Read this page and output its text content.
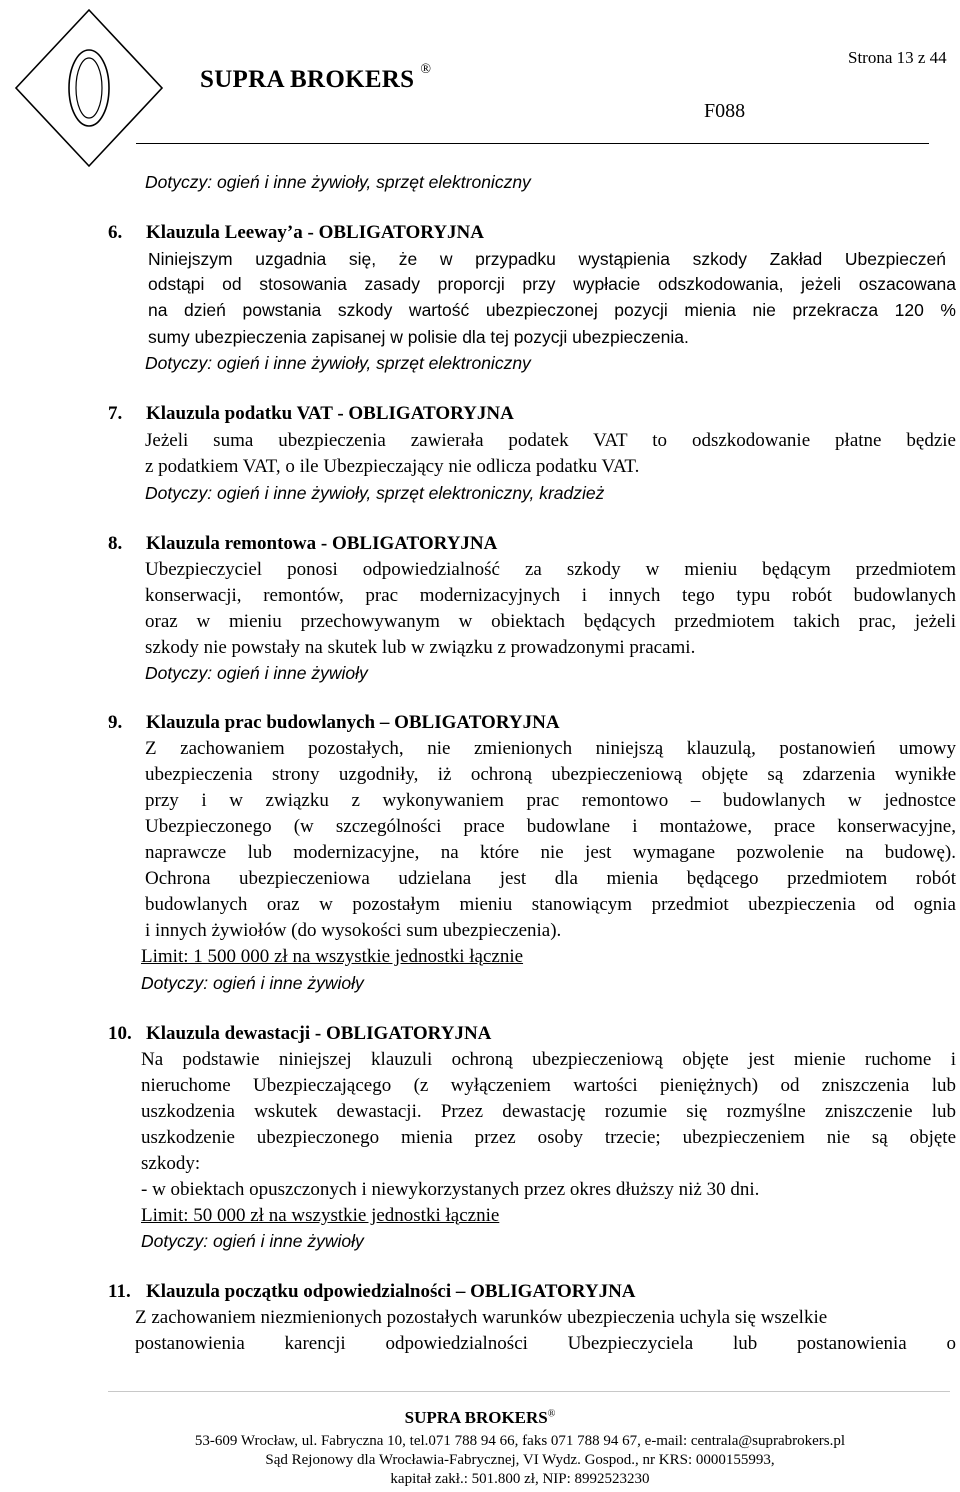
SUPRA BROKERS ®
Strona 13 z 44
F088
Dotyczy: ogień i inne żywioły, sprzęt elektroniczny
6. Klauzula Leeway’a - OBLIGATORYJNA
Niniejszym uzgadnia się, że w przypadku wystąpienia szkody Zakład Ubezpieczeń
odstąpi od stosowania zasady proporcji przy wypłacie odszkodowania, jeżeli oszacowana
na dzień powstania szkody wartość ubezpieczonej pozycji mienia nie przekracza 120 %
sumy ubezpieczenia zapisanej w polisie dla tej pozycji ubezpieczenia.
Dotyczy: ogień i inne żywioły, sprzęt elektroniczny
7. Klauzula podatku VAT - OBLIGATORYJNA
Jeżeli suma ubezpieczenia zawierała podatek VAT to odszkodowanie płatne będzie
z podatkiem VAT, o ile Ubezpieczający nie odlicza podatku VAT.
Dotyczy: ogień i inne żywioły, sprzęt elektroniczny, kradzież
8. Klauzula remontowa - OBLIGATORYJNA
Ubezpieczyciel ponosi odpowiedzialność za szkody w mieniu będącym przedmiotem
konserwacji, remontów, prac modernizacyjnych i innych tego typu robót budowlanych
oraz w mieniu przechowywanym w obiektach będących przedmiotem takich prac, jeżeli
szkody nie powstały na skutek lub w związku z prowadzonymi pracami.
Dotyczy: ogień i inne żywioły
9. Klauzula prac budowlanych – OBLIGATORYJNA
Z zachowaniem pozostałych, nie zmienionych niniejszą klauzulą, postanowień umowy
ubezpieczenia strony uzgodniły, iż ochroną ubezpieczeniową objęte są zdarzenia wynikłe
przy i w związku z wykonywaniem prac remontowo – budowlanych w jednostce
Ubezpieczonego (w szczególności prace budowlane i montażowe, prace konserwacyjne,
naprawcze lub modernizacyjne, na które nie jest wymagane pozwolenie na budowę).
Ochrona ubezpieczeniowa udzielana jest dla mienia będącego przedmiotem robót
budowlanych oraz w pozostałym mieniu stanowiącym przedmiot ubezpieczenia od ognia
i innych żywiołów (do wysokości sum ubezpieczenia).
Limit: 1 500 000 zł na wszystkie jednostki łącznie
Dotyczy: ogień i inne żywioły
10. Klauzula dewastacji - OBLIGATORYJNA
Na podstawie niniejszej klauzuli ochroną ubezpieczeniową objęte jest mienie ruchome i
nieruchome Ubezpieczającego (z wyłączeniem wartości pieniężnych) od zniszczenia lub
uszkodzenia wskutek dewastacji. Przez dewastację rozumie się rozmyślne zniszczenie lub
uszkodzenie ubezpieczonego mienia przez osoby trzecie; ubezpieczeniem nie są objęte
szkody:
- w obiektach opuszczonych i niewykorzystanych przez okres dłuższy niż 30 dni.
Limit: 50 000 zł na wszystkie jednostki łącznie
Dotyczy: ogień i inne żywioły
11. Klauzula początku odpowiedzialności – OBLIGATORYJNA
Z zachowaniem niezmienionych pozostałych warunków ubezpieczenia uchyla się wszelkie
postanowienia karencji odpowiedzialności Ubezpieczyciela lub postanowienia o
SUPRA BROKERS®
53-609 Wrocław, ul. Fabryczna 10, tel.071 788 94 66, faks 071 788 94 67, e-mail: centrala@suprabrokers.pl
Sąd Rejonowy dla Wrocławia-Fabrycznej, VI Wydz. Gospod., nr KRS: 0000155993,
kapitał zakł.: 501.800 zł, NIP: 8992523230
